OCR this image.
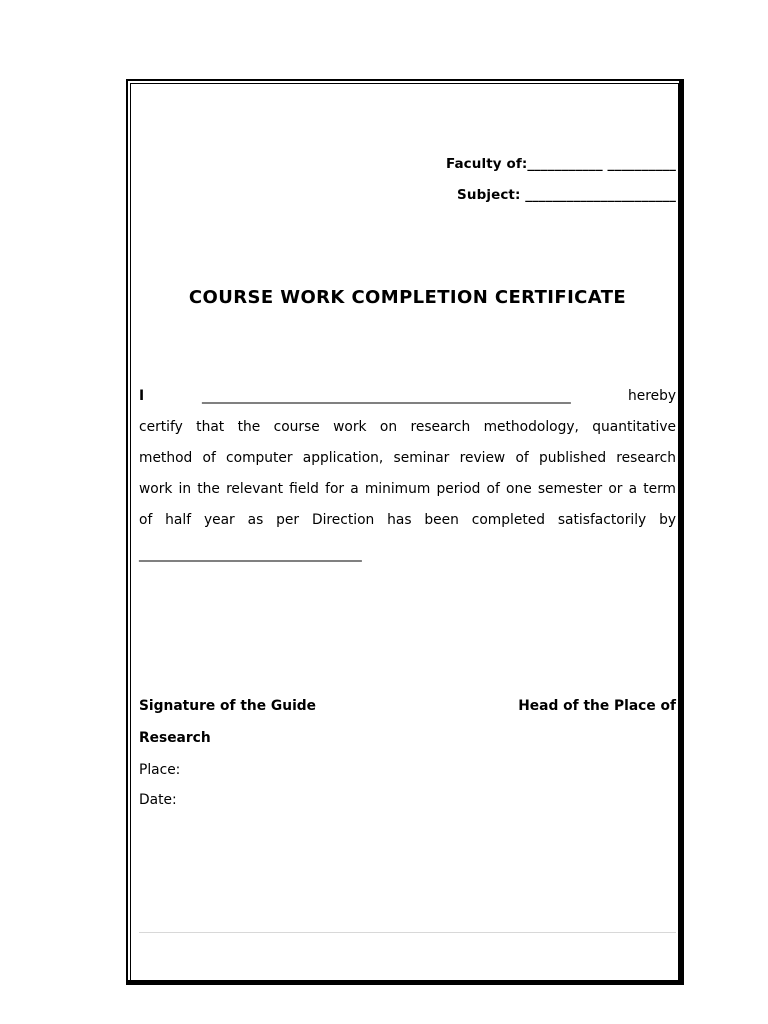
Faculty of:___________ __________
Subject: ______________________
COURSE WORK COMPLETION CERTIFICATE
I	__________________________________________________________	hereby
certify that the course work on research methodology, quantitative
method of computer application, seminar review of published research
work in the relevant field for a minimum period of one semester or a term
of half year as per Direction has been completed satisfactorily by
___________________________________
Signature of the Guide	Head of the Place of
Research
Place:
Date:
